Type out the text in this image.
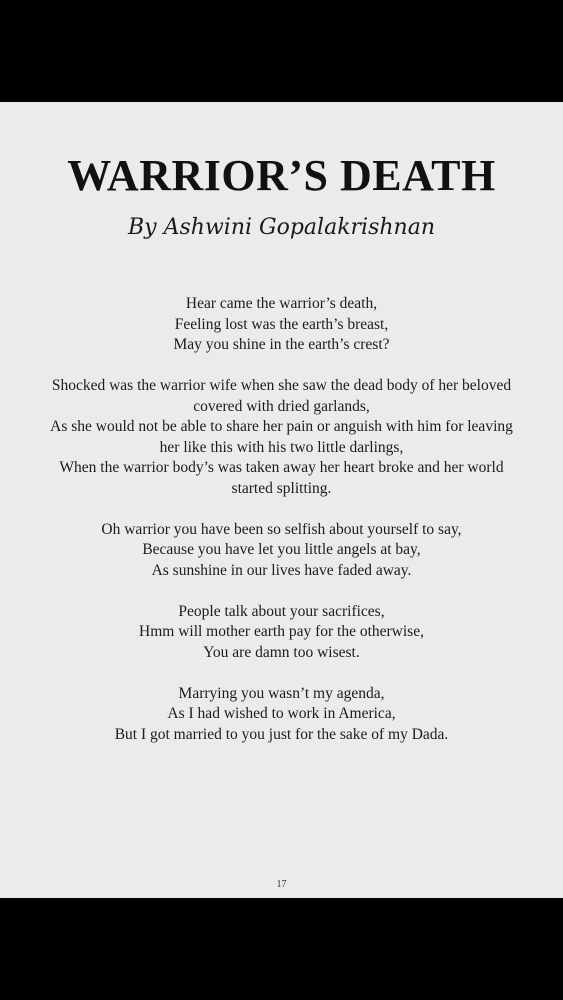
WARRIOR’S DEATH
By Ashwini Gopalakrishnan
Hear came the warrior’s death,
Feeling lost was the earth’s breast,
May you shine in the earth’s crest?
Shocked was the warrior wife when she saw the dead body of her beloved
covered with dried garlands,
As she would not be able to share her pain or anguish with him for leaving
her like this with his two little darlings,
When the warrior body’s was taken away her heart broke and her world
started splitting.
Oh warrior you have been so selfish about yourself to say,
Because you have let you little angels at bay,
As sunshine in our lives have faded away.
People talk about your sacrifices,
Hmm will mother earth pay for the otherwise,
You are damn too wisest.
Marrying you wasn’t my agenda,
As I had wished to work in America,
But I got married to you just for the sake of my Dada.
17
